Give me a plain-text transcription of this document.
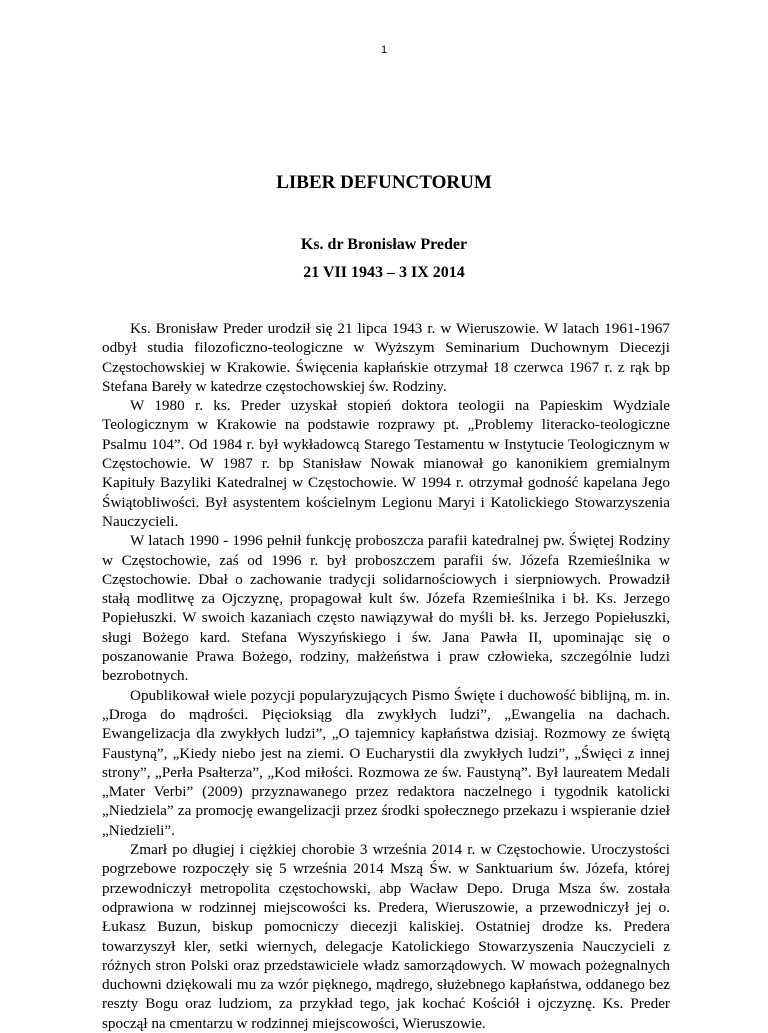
1
LIBER DEFUNCTORUM
Ks. dr Bronisław Preder
21 VII 1943 – 3 IX 2014

Ks. Bronisław Preder urodził się 21 lipca 1943 r. w Wieruszowie. W latach 1961-1967 odbył studia filozoficzno-teologiczne w Wyższym Seminarium Duchownym Diecezji Częstochowskiej w Krakowie. Święcenia kapłańskie otrzymał 18 czerwca 1967 r. z rąk bp Stefana Bareły w katedrze częstochowskiej św. Rodziny.

W 1980 r. ks. Preder uzyskał stopień doktora teologii na Papieskim Wydziale Teologicznym w Krakowie na podstawie rozprawy pt. „Problemy literacko-teologiczne Psalmu 104”. Od 1984 r. był wykładowcą Starego Testamentu w Instytucie Teologicznym w Częstochowie. W 1987 r. bp Stanisław Nowak mianował go kanonikiem gremialnym Kapituły Bazyliki Katedralnej w Częstochowie. W 1994 r. otrzymał godność kapelana Jego Świątobliwości. Był asystentem kościelnym Legionu Maryi i Katolickiego Stowarzyszenia Nauczycieli.

W latach 1990 - 1996 pełnił funkcję proboszcza parafii katedralnej pw. Świętej Rodziny w Częstochowie, zaś od 1996 r. był proboszczem parafii św. Józefa Rzemieślnika w Częstochowie. Dbał o zachowanie tradycji solidarnościowych i sierpniowych. Prowadził stałą modlitwę za Ojczyznę, propagował kult św. Józefa Rzemieślnika i bł. Ks. Jerzego Popiełuszki. W swoich kazaniach często nawiązywał do myśli bł. ks. Jerzego Popiełuszki, sługi Bożego kard. Stefana Wyszyńskiego i św. Jana Pawła II, upominając się o poszanowanie Prawa Bożego, rodziny, małżeństwa i praw człowieka, szczególnie ludzi bezrobotnych.

Opublikował wiele pozycji popularyzujących Pismo Święte i duchowość biblijną, m. in. „Droga do mądrości. Pięcioksiąg dla zwykłych ludzi”, „Ewangelia na dachach. Ewangelizacja dla zwykłych ludzi”, „O tajemnicy kapłaństwa dzisiaj. Rozmowy ze świętą Faustyną”, „Kiedy niebo jest na ziemi. O Eucharystii dla zwykłych ludzi”, „Święci z innej strony”, „Perła Psałterza”, „Kod miłości. Rozmowa ze św. Faustyną”. Był laureatem Medali „Mater Verbi” (2009) przyznawanego przez redaktora naczelnego i tygodnik katolicki „Niedziela” za promocję ewangelizacji przez środki społecznego przekazu i wspieranie dzieł „Niedzieli”.

Zmarł po długiej i ciężkiej chorobie 3 września 2014 r. w Częstochowie. Uroczystości pogrzebowe rozpoczęły się 5 września 2014 Mszą Św. w Sanktuarium św. Józefa, której przewodniczył metropolita częstochowski, abp Wacław Depo. Druga Msza św. została odprawiona w rodzinnej miejscowości ks. Predera, Wieruszowie, a przewodniczył jej o. Łukasz Buzun, biskup pomocniczy diecezji kaliskiej. Ostatniej drodze ks. Predera towarzyszył kler, setki wiernych, delegacje Katolickiego Stowarzyszenia Nauczycieli z różnych stron Polski oraz przedstawiciele władz samorządowych. W mowach pożegnalnych duchowni dziękowali mu za wzór pięknego, mądrego, służebnego kapłaństwa, oddanego bez reszty Bogu oraz ludziom, za przykład tego, jak kochać Kościół i ojczyznę. Ks. Preder spoczął na cmentarzu w rodzinnej miejscowości, Wieruszowie.
